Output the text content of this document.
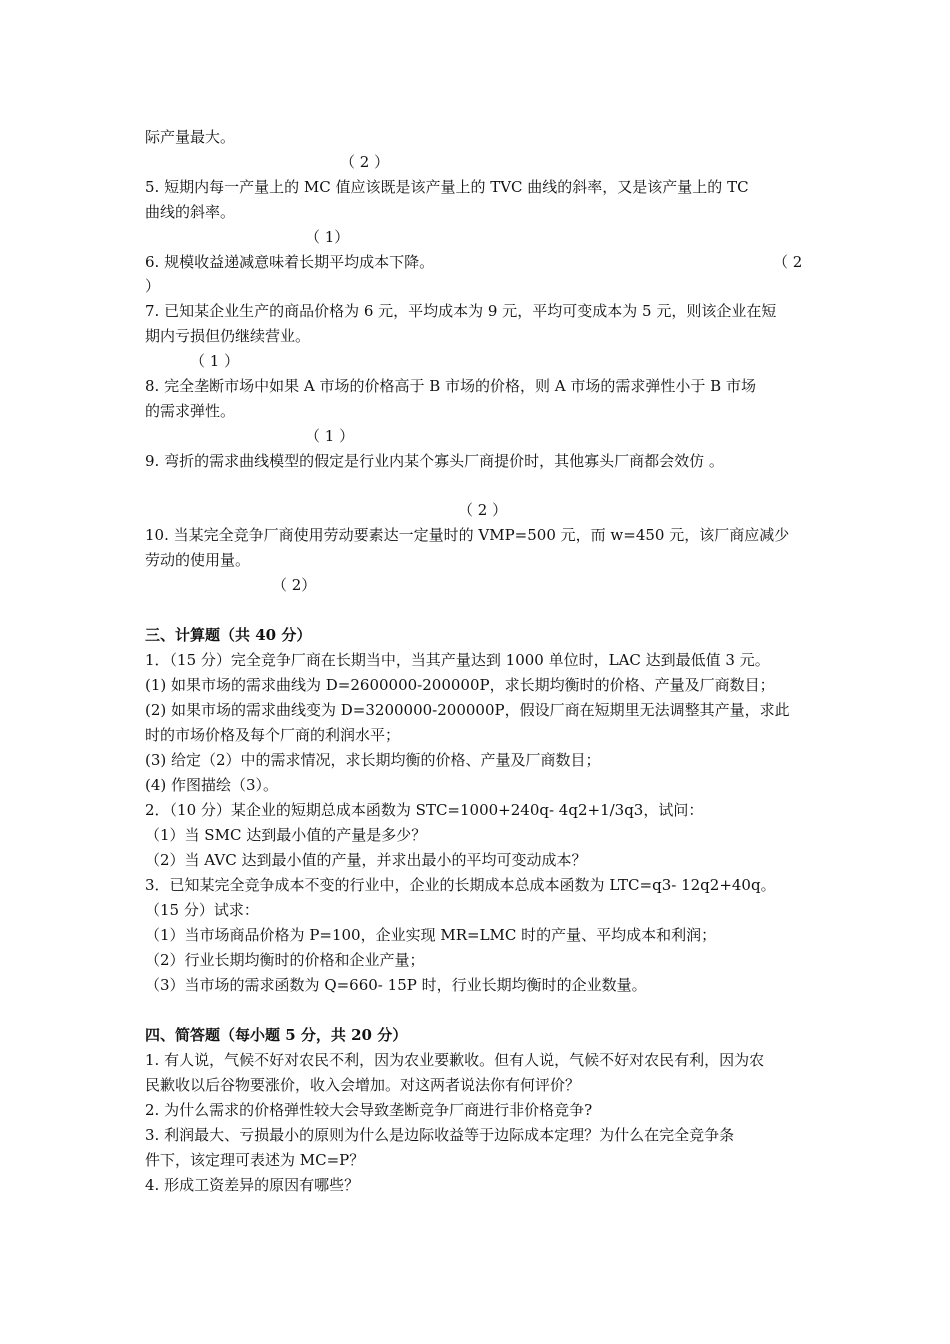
际产量最大。
（ 2 ）
5. 短期内每一产量上的 MC 值应该既是该产量上的 TVC 曲线的斜率，又是该产量上的 TC
曲线的斜率。
（ 1）
6. 规模收益递减意味着长期平均成本下降。	（ 2
）
7. 已知某企业生产的商品价格为 6 元，平均成本为 9 元，平均可变成本为 5 元，则该企业在短
期内亏损但仍继续营业。
（ 1 ）
8. 完全垄断市场中如果 A 市场的价格高于 B 市场的价格，则 A 市场的需求弹性小于 B 市场
的需求弹性。
（ 1 ）
9. 弯折的需求曲线模型的假定是行业内某个寡头厂商提价时，其他寡头厂商都会效仿 。
（ 2 ）
10. 当某完全竞争厂商使用劳动要素达一定量时的 VMP=500 元，而 w=450 元，该厂商应减少
劳动的使用量。
（ 2）
三、计算题（共 40 分）
1．（15 分）完全竞争厂商在长期当中，当其产量达到 1000 单位时，LAC 达到最低值 3 元。
(1) 如果市场的需求曲线为 D=2600000-200000P，求长期均衡时的价格、产量及厂商数目；
(2) 如果市场的需求曲线变为 D=3200000-200000P，假设厂商在短期里无法调整其产量，求此
时的市场价格及每个厂商的利润水平；
(3) 给定（2）中的需求情况，求长期均衡的价格、产量及厂商数目；
(4) 作图描绘（3）。
2．（10 分）某企业的短期总成本函数为 STC=1000+240q- 4q2+1/3q3，试问：
（1）当 SMC 达到最小值的产量是多少？
（2）当 AVC 达到最小值的产量，并求出最小的平均可变动成本？
3．已知某完全竞争成本不变的行业中，企业的长期成本总成本函数为 LTC=q3- 12q2+40q。
（15 分）试求：
（1）当市场商品价格为 P=100，企业实现 MR=LMC 时的产量、平均成本和利润；
（2）行业长期均衡时的价格和企业产量；
（3）当市场的需求函数为 Q=660- 15P 时，行业长期均衡时的企业数量。
四、简答题（每小题 5 分，共 20 分）
1. 有人说，气候不好对农民不利，因为农业要歉收。但有人说，气候不好对农民有利，因为农
民歉收以后谷物要涨价，收入会增加。对这两者说法你有何评价？
2. 为什么需求的价格弹性较大会导致垄断竞争厂商进行非价格竞争?
3. 利润最大、亏损最小的原则为什么是边际收益等于边际成本定理？为什么在完全竞争条
件下，该定理可表述为 MC=P？
4. 形成工资差异的原因有哪些？
